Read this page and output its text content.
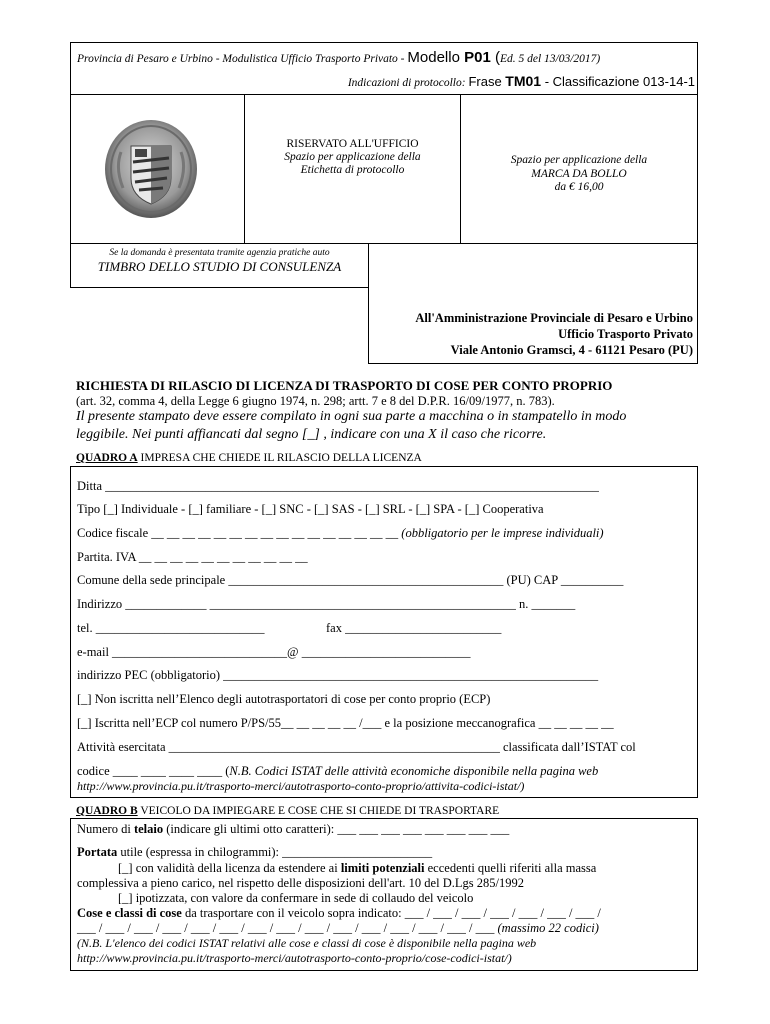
Provincia di Pesaro e Urbino - Modulistica Ufficio Trasporto Privato - Modello P01 (Ed. 5 del 13/03/2017)
Indicazioni di protocollo: Frase TM01 - Classificazione 013-14-1
RISERVATO ALL'UFFICIO
Spazio per applicazione della
Etichetta di protocollo
Spazio per applicazione della
MARCA DA BOLLO
da € 16,00
Se la domanda è presentata tramite agenzia pratiche auto
TIMBRO DELLO STUDIO DI CONSULENZA
All'Amministrazione Provinciale di Pesaro e Urbino
Ufficio Trasporto Privato
Viale Antonio Gramsci, 4 - 61121 Pesaro (PU)
RICHIESTA DI RILASCIO DI LICENZA DI TRASPORTO DI COSE PER CONTO PROPRIO
(art. 32, comma 4, della Legge 6 giugno 1974, n. 298; artt. 7 e 8 del D.P.R. 16/09/1977, n. 783).
Il presente stampato deve essere compilato in ogni sua parte a macchina o in stampatello in modo
leggibile. Nei punti affiancati dal segno [_] , indicare con una X il caso che ricorre.
QUADRO A IMPRESA CHE CHIEDE IL RILASCIO DELLA LICENZA
Ditta _______________________________________________________________________________
Tipo [_] Individuale - [_] familiare - [_] SNC - [_] SAS - [_] SRL - [_] SPA - [_] Cooperativa
Codice fiscale __ __ __ __ __ __ __ __ __ __ __ __ __ __ __ __ (obbligatorio per le imprese individuali)
Partita. IVA __ __ __ __ __ __ __ __ __ __ __
Comune della sede principale ____________________________________________ (PU) CAP __________
Indirizzo _____________ _________________________________________________ n. _______
tel. ___________________________	fax _________________________
e-mail ____________________________@ ___________________________
indirizzo PEC (obbligatorio) ____________________________________________________________
[_] Non iscritta nell’Elenco degli autotrasportatori di cose per conto proprio (ECP)
[_] Iscritta nell’ECP col numero P/PS/55__ __ __ __ __ /___ e la posizione meccanografica __ __ __ __ __
Attività esercitata _____________________________________________________ classificata dall’ISTAT col
codice ____ ____ ____ ____ (N.B. Codici ISTAT delle attività economiche disponibile nella pagina web
http://www.provincia.pu.it/trasporto-merci/autotrasporto-conto-proprio/attivita-codici-istat/)
QUADRO B VEICOLO DA IMPIEGARE E COSE CHE SI CHIEDE DI TRASPORTARE
Numero di telaio (indicare gli ultimi otto caratteri): ___ ___ ___ ___ ___ ___ ___ ___
Portata utile (espressa in chilogrammi): ________________________
[_] con validità della licenza da estendere ai limiti potenziali eccedenti quelli riferiti alla massa
complessiva a pieno carico, nel rispetto delle disposizioni dell'art. 10 del D.Lgs 285/1992
[_] ipotizzata, con valore da confermare in sede di collaudo del veicolo
Cose e classi di cose da trasportare con il veicolo sopra indicato: ___ / ___ / ___ / ___ / ___ / ___ / ___ /
___ / ___ / ___ / ___ / ___ / ___ / ___ / ___ / ___ / ___ / ___ / ___ / ___ / ___ / ___ (massimo 22 codici)
(N.B. L'elenco dei codici ISTAT relativi alle cose e classi di cose è disponibile nella pagina web
http://www.provincia.pu.it/trasporto-merci/autotrasporto-conto-proprio/cose-codici-istat/)
